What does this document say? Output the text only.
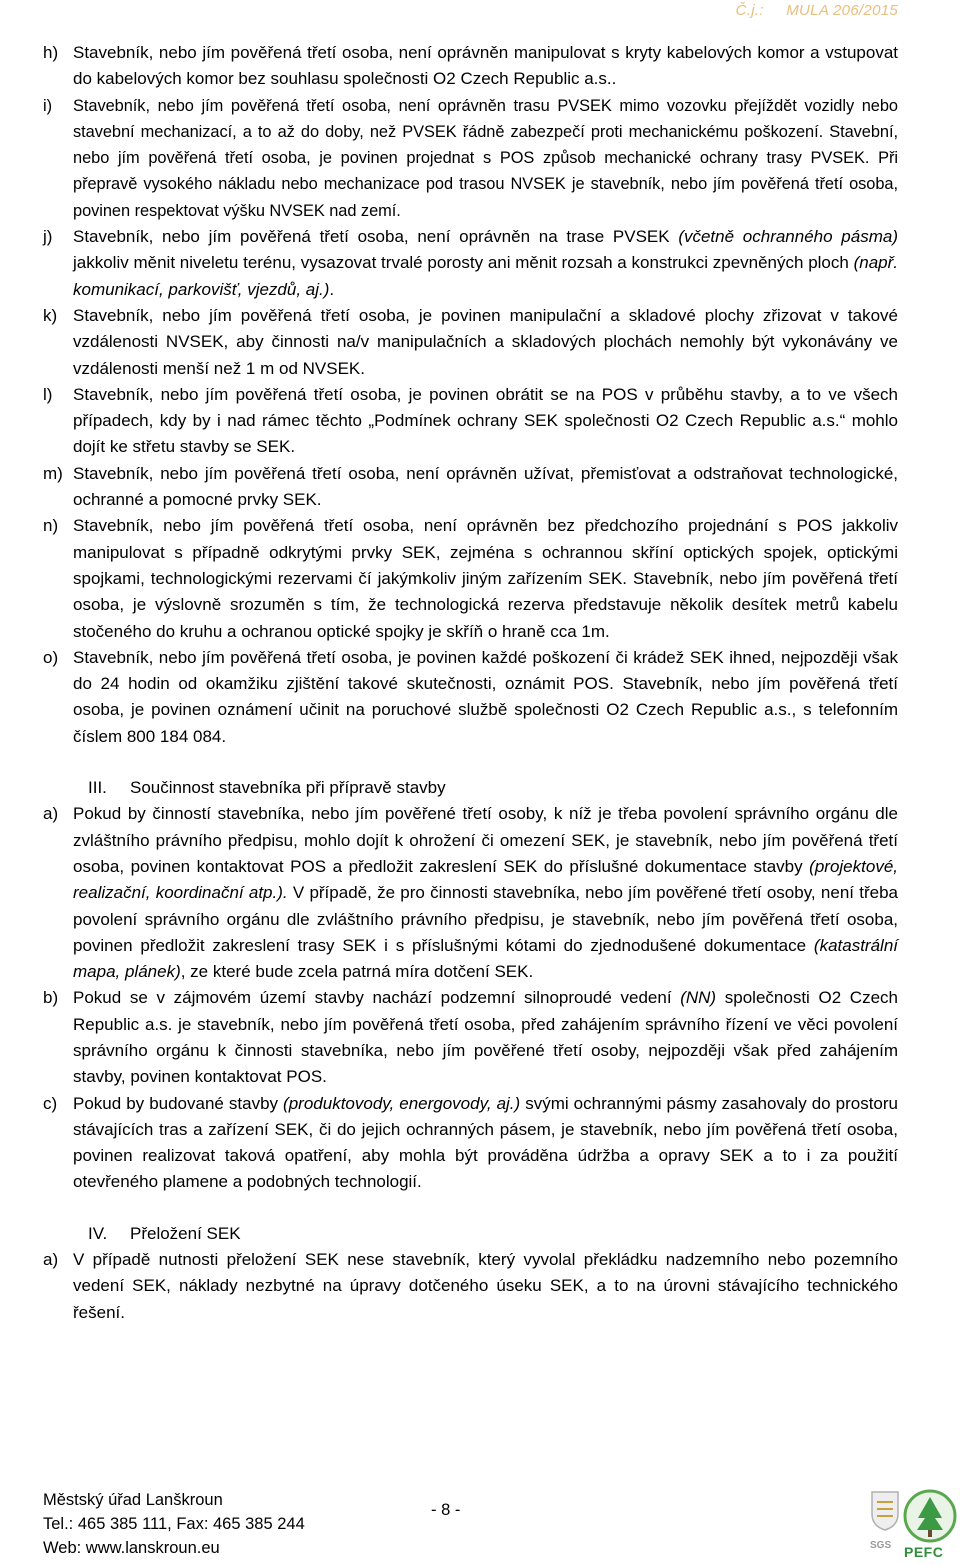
Č.j.: MULA 206/2015

h) Stavebník, nebo jím pověřená třetí osoba, není oprávněn manipulovat s kryty kabelových komor a vstupovat do kabelových komor bez souhlasu společnosti O2 Czech Republic a.s..

i)	Stavebník, nebo jím pověřená třetí osoba, není oprávněn trasu PVSEK mimo vozovku přejíždět vozidly nebo stavební mechanizací, a to až do doby, než PVSEK řádně zabezpečí proti mechanickému poškození. Stavební, nebo jím pověřená třetí osoba, je povinen projednat s POS způsob mechanické ochrany trasy PVSEK. Při přepravě vysokého nákladu nebo mechanizace pod trasou NVSEK je stavebník, nebo jím pověřená třetí osoba, povinen respektovat výšku NVSEK nad zemí.

j)	Stavebník, nebo jím pověřená třetí osoba, není oprávněn na trase PVSEK (včetně ochranného pásma) jakkoliv měnit niveletu terénu, vysazovat trvalé porosty ani měnit rozsah a konstrukci zpevněných ploch (např. komunikací, parkovišť, vjezdů, aj.).

k) Stavebník, nebo jím pověřená třetí osoba, je povinen manipulační a skladové plochy zřizovat v takové vzdálenosti NVSEK, aby činnosti na/v manipulačních a skladových plochách nemohly být vykonávány ve vzdálenosti menší než 1 m od NVSEK.

l)	Stavebník, nebo jím pověřená třetí osoba, je povinen obrátit se na POS v průběhu stavby, a to ve všech případech, kdy by i nad rámec těchto „Podmínek ochrany SEK společnosti O2 Czech Republic a.s.“ mohlo dojít ke střetu stavby se SEK.

m) Stavebník, nebo jím pověřená třetí osoba, není oprávněn užívat, přemisťovat a odstraňovat technologické, ochranné a pomocné prvky SEK.

n) Stavebník, nebo jím pověřená třetí osoba, není oprávněn bez předchozího projednání s POS jakkoliv manipulovat s případně odkrytými prvky SEK, zejména s ochrannou skříní optických spojek, optickými spojkami, technologickými rezervami čí jakýmkoliv jiným zařízením SEK. Stavebník, nebo jím pověřená třetí osoba, je výslovně srozuměn s tím, že technologická rezerva představuje několik desítek metrů kabelu stočeného do kruhu a ochranou optické spojky je skříň o hraně cca 1m.

o) Stavebník, nebo jím pověřená třetí osoba, je povinen každé poškození či krádež SEK ihned, nejpozději však do 24 hodin od okamžiku zjištění takové skutečnosti, oznámit POS. Stavebník, nebo jím pověřená třetí osoba, je povinen oznámení učinit na poruchové službě společnosti O2 Czech Republic a.s., s telefonním číslem 800 184 084.

III.	Součinnost stavebníka při přípravě stavby

a) Pokud by činností stavebníka, nebo jím pověřené třetí osoby, k níž je třeba povolení správního orgánu dle zvláštního právního předpisu, mohlo dojít k ohrožení či omezení SEK, je stavebník, nebo jím pověřená třetí osoba, povinen kontaktovat POS a předložit zakreslení SEK do příslušné dokumentace stavby (projektové, realizační, koordinační atp.). V případě, že pro činnosti stavebníka, nebo jím pověřené třetí osoby, není třeba povolení správního orgánu dle zvláštního právního předpisu, je stavebník, nebo jím pověřená třetí osoba, povinen předložit zakreslení trasy SEK i s příslušnými kótami do zjednodušené dokumentace (katastrální mapa, plánek), ze které bude zcela patrná míra dotčení SEK.

b) Pokud se v zájmovém území stavby nachází podzemní silnoproudé vedení (NN) společnosti O2 Czech Republic a.s. je stavebník, nebo jím pověřená třetí osoba, před zahájením správního řízení ve věci povolení správního orgánu k činnosti stavebníka, nebo jím pověřené třetí osoby, nejpozději však před zahájením stavby, povinen kontaktovat POS.

c) Pokud by budované stavby (produktovody, energovody, aj.) svými ochrannými pásmy zasahovaly do prostoru stávajících tras a zařízení SEK, či do jejich ochranných pásem, je stavebník, nebo jím pověřená třetí osoba, povinen realizovat taková opatření, aby mohla být prováděna údržba a opravy SEK a to i za použití otevřeného plamene a podobných technologií.

IV.	Přeložení SEK

a) V případě nutnosti přeložení SEK nese stavebník, který vyvolal překládku nadzemního nebo pozemního vedení SEK, náklady nezbytné na úpravy dotčeného úseku SEK, a to na úrovni stávajícího technického řešení.

Městský úřad Lanškroun
Tel.: 465 385 111, Fax: 465 385 244
Web: www.lanskroun.eu
- 8 -
SGS PEFC
